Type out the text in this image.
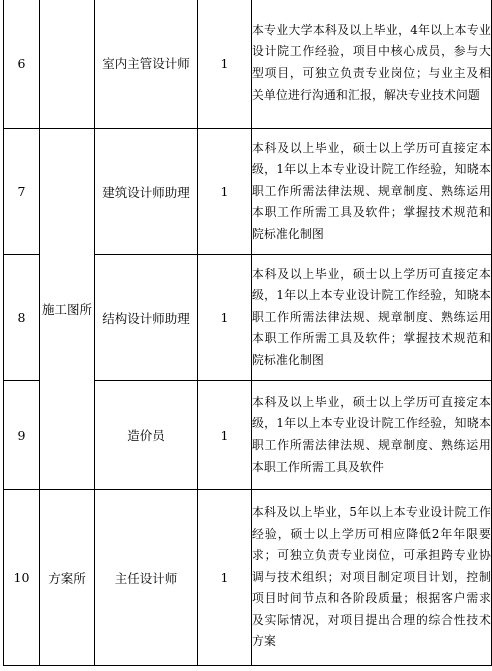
6		室内主管设计师	1	本专业大学本科及以上毕业，4年以上本专业设计院工作经验，项目中核心成员，参与大型项目，可独立负责专业岗位；与业主及相关单位进行沟通和汇报，解决专业技术问题
7	施工图所	建筑设计师助理	1	本科及以上毕业，硕士以上学历可直接定本级，1年以上本专业设计院工作经验，知晓本职工作所需法律法规、规章制度、熟练运用本职工作所需工具及软件；掌握技术规范和院标准化制图
8		结构设计师助理	1	本科及以上毕业，硕士以上学历可直接定本级，1年以上本专业设计院工作经验，知晓本职工作所需法律法规、规章制度、熟练运用本职工作所需工具及软件；掌握技术规范和院标准化制图
9		造价员	1	本科及以上毕业，硕士以上学历可直接定本级，1年以上本专业设计院工作经验，知晓本职工作所需法律法规、规章制度、熟练运用本职工作所需工具及软件
10	方案所	主任设计师	1	本科及以上毕业，5年以上本专业设计院工作经验，硕士以上学历可相应降低2年年限要求；可独立负责专业岗位，可承担跨专业协调与技术组织；对项目制定项目计划，控制项目时间节点和各阶段质量；根据客户需求及实际情况，对项目提出合理的综合性技术方案
